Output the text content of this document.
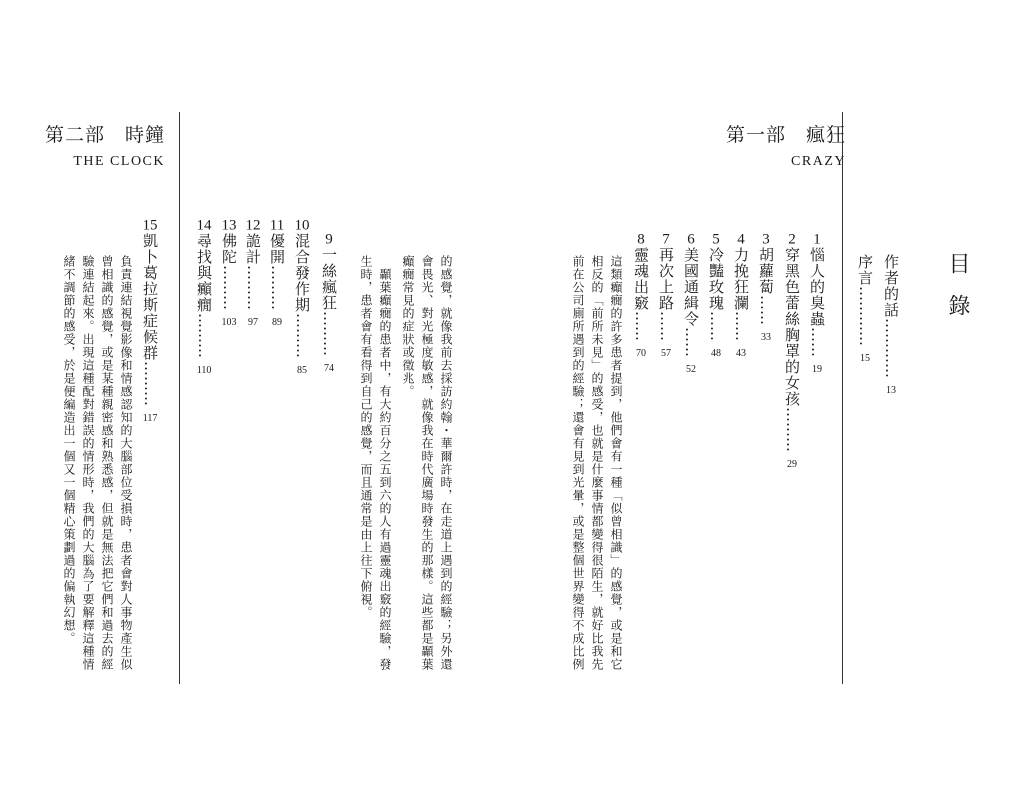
目錄
第一部　瘋狂
CRAZY
第二部　時鐘
THE CLOCK
作者的話…………13
序言…………15
1惱人的臭蟲……19
2穿黑色蕾絲胸罩的女孩………29
3胡蘿蔔……33
4力挽狂瀾……43
5冷豔玫瑰……48
6美國通緝令……52
7再次上路……57
8靈魂出竅……70
這類癲癇的許多患者提到，他們會有一種「似曾相識」的感覺，或是和它
相反的「前所未見」的感受，也就是什麼事情都變得很陌生，就好比我先
前在公司廁所遇到的經驗；還會有見到光暈，或是整個世界變得不成比例
的感覺，就像我前去採訪約翰・華爾許時，在走道上遇到的經驗；另外還
會畏光、對光極度敏感，就像我在時代廣場時發生的那樣。這些都是顳葉
癲癇常見的症狀或徵兆。
　顳葉癲癇的患者中，有大約百分之五到六的人有過靈魂出竅的經驗，發
生時，患者會有看得到自己的感覺，而且通常是由上往下俯視。
9一絲瘋狂………74
10混合發作期………85
11優開………89
12詭計………97
13佛陀………103
14尋找與癲癇………110
15凱卜葛拉斯症候群………117
負責連結視覺影像和情感認知的大腦部位受損時，患者會對人事物產生似
曾相識的感覺，或是某種親密感和熟悉感，但就是無法把它們和過去的經
驗連結起來。出現這種配對錯誤的情形時，我們的大腦為了要解釋這種情
緒不調節的感受，於是便編造出一個又一個精心策劃過的偏執幻想。
